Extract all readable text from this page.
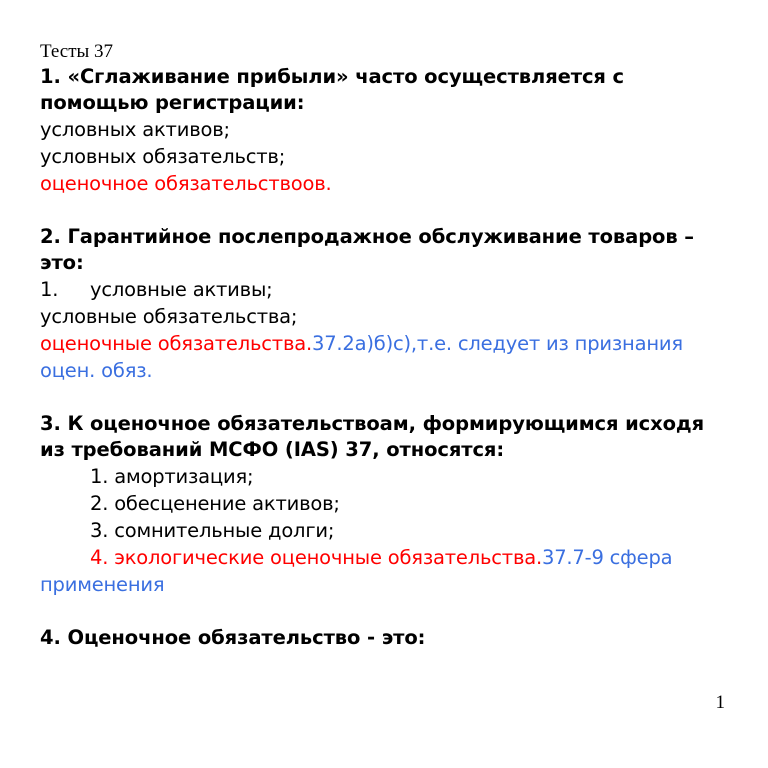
Тесты 37
1. «Сглаживание прибыли» часто осуществляется с помощью регистрации:
условных активов;
условных обязательств;
оценочное обязательствоов.
2. Гарантийное послепродажное обслуживание товаров – это:
1. условные активы;
условные обязательства;
оценочные обязательства.37.2а)б)с),т.е. следует из признания оцен. обяз.
3. К оценочное обязательствоам, формирующимся исходя из требований МСФО (IAS) 37, относятся:
1. амортизация;
2. обесценение активов;
3. сомнительные долги;
4. экологические оценочные обязательства.37.7-9 сфера применения
4. Оценочное обязательство - это:
1
